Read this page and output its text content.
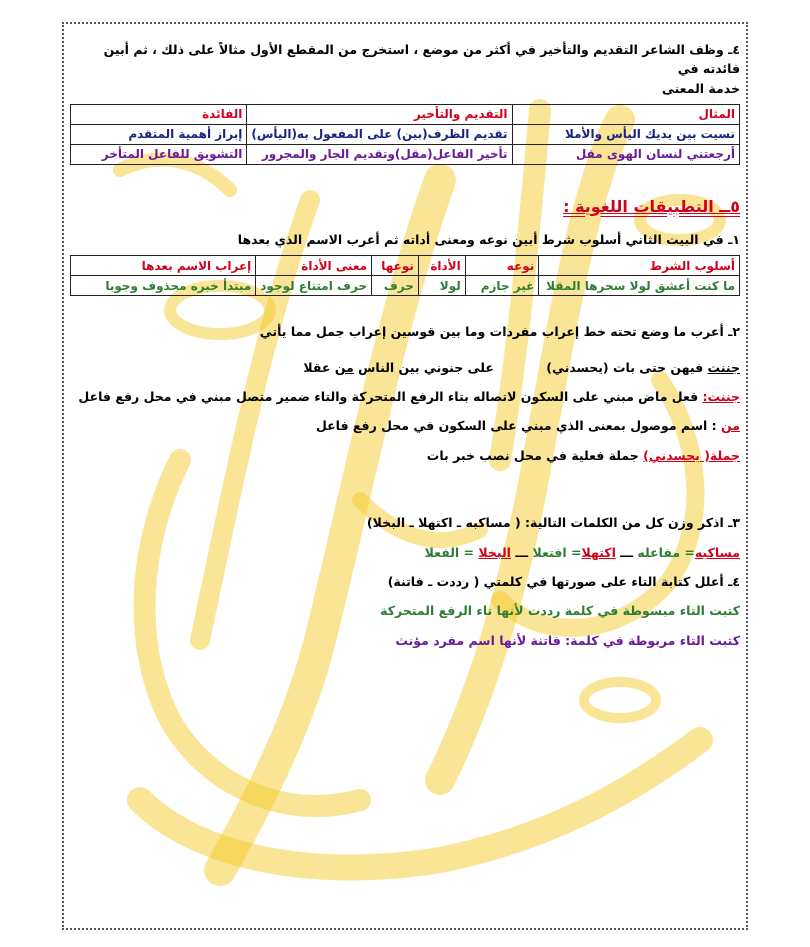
٤ـ وظف الشاعر التقديم والتأخير في أكثر من موضع ، استخرج من المقطع الأول مثالاً على ذلك ، ثم أبين فائدته في
خدمة المعنى

المثال	التقديم والتأخير	الفائدة
نسيت بين يديك اليأس والأملا	تقديم الظرف(بين) على المفعول به(اليأس)	إبراز أهمية المتقدم
أرجعتني لنسان الهوى مقل	تأخير الفاعل(مقل)وتقديم الجار والمجرور	التشويق للفاعل المتأخر
٥ــ التطبيقات اللغوية :

١ـ في البيت الثاني أسلوب شرط أبين نوعه ومعنى أداته ثم أعرب الاسم الذي بعدها

أسلوب الشرط	نوعه	الأداة	نوعها	معنى الأداة	إعراب الاسم بعدها
ما كنت أعشق لولا سحرها المقلا	غير جازم	لولا	حرف	حرف امتناع لوجود	مبتدأ خبره محذوف وجوبا

٢ـ أعرب ما وضع تحته خط إعراب مفردات وما بين قوسين إعراب جمل مما يأتي

جننت فيهن حتى بات (يحسدني) على جنوني بين الناس من عقلا

جننت: فعل ماض مبني على السكون لاتصاله بتاء الرفع المتحركة والتاء ضمير متصل مبني في محل رفع فاعل

من : اسم موصول بمعنى الذي مبني على السكون في محل رفع فاعل

جملة( يحسدني) جملة فعلية في محل نصب خبر بات

٣ـ اذكر وزن كل من الكلمات التالية: ( مساكبه ـ اكتهلا ـ البخلا)

مساكبه= مفاعله ـــ اكتهلا= افتعلا ـــ البخلا = الفعلا

٤ـ أعلل كتابة التاء على صورتها في كلمتي ( رددت ـ فاتنة)

كتبت التاء مبسوطة في كلمة رددت لأنها تاء الرفع المتحركة

كتبت التاء مربوطة في كلمة: فاتنة لأنها اسم مفرد مؤنث
